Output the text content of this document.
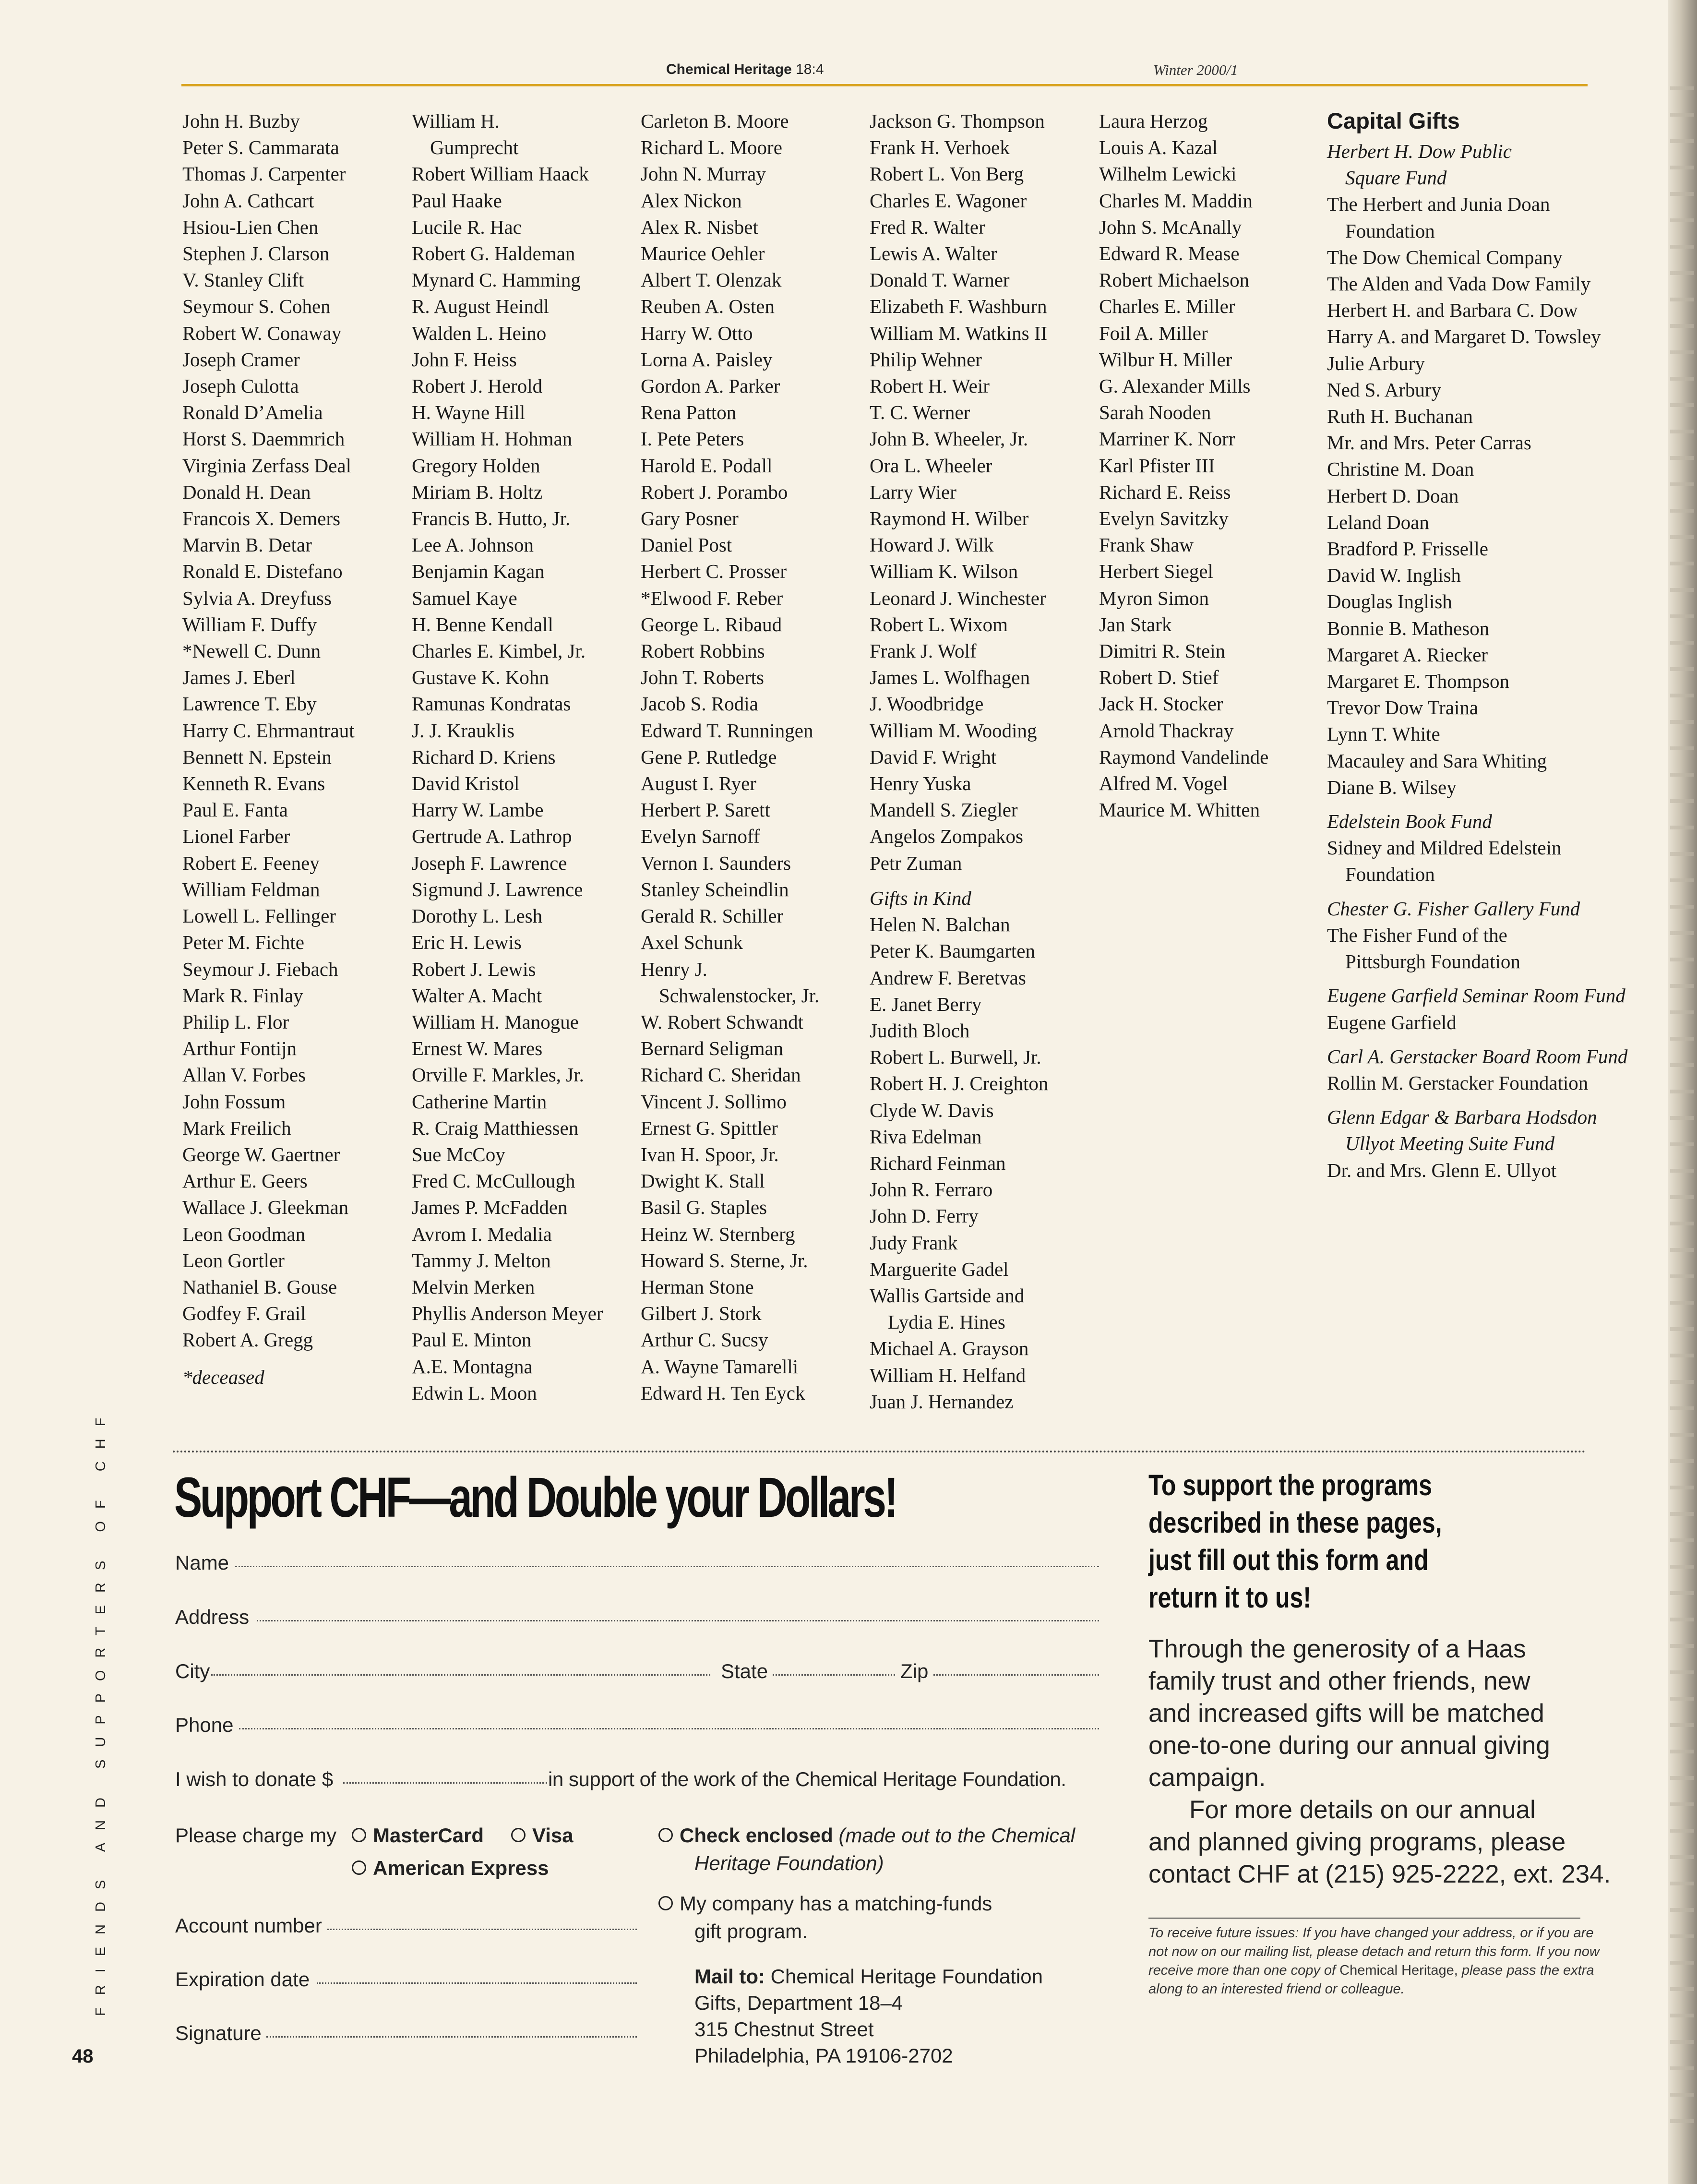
Chemical Heritage 18:4	Winter 2000/1
John H. Buzby
Peter S. Cammarata
Thomas J. Carpenter
John A. Cathcart
Hsiou-Lien Chen
Stephen J. Clarson
V. Stanley Clift
Seymour S. Cohen
Robert W. Conaway
Joseph Cramer
Joseph Culotta
Ronald D’Amelia
Horst S. Daemmrich
Virginia Zerfass Deal
Donald H. Dean
Francois X. Demers
Marvin B. Detar
Ronald E. Distefano
Sylvia A. Dreyfuss
William F. Duffy
*Newell C. Dunn
James J. Eberl
Lawrence T. Eby
Harry C. Ehrmantraut
Bennett N. Epstein
Kenneth R. Evans
Paul E. Fanta
Lionel Farber
Robert E. Feeney
William Feldman
Lowell L. Fellinger
Peter M. Fichte
Seymour J. Fiebach
Mark R. Finlay
Philip L. Flor
Arthur Fontijn
Allan V. Forbes
John Fossum
Mark Freilich
George W. Gaertner
Arthur E. Geers
Wallace J. Gleekman
Leon Goodman
Leon Gortler
Nathaniel B. Gouse
Godfey F. Grail
Robert A. Gregg
*deceased
William H.
Gumprecht
Robert William Haack
Paul Haake
Lucile R. Hac
Robert G. Haldeman
Mynard C. Hamming
R. August Heindl
Walden L. Heino
John F. Heiss
Robert J. Herold
H. Wayne Hill
William H. Hohman
Gregory Holden
Miriam B. Holtz
Francis B. Hutto, Jr.
Lee A. Johnson
Benjamin Kagan
Samuel Kaye
H. Benne Kendall
Charles E. Kimbel, Jr.
Gustave K. Kohn
Ramunas Kondratas
J. J. Krauklis
Richard D. Kriens
David Kristol
Harry W. Lambe
Gertrude A. Lathrop
Joseph F. Lawrence
Sigmund J. Lawrence
Dorothy L. Lesh
Eric H. Lewis
Robert J. Lewis
Walter A. Macht
William H. Manogue
Ernest W. Mares
Orville F. Markles, Jr.
Catherine Martin
R. Craig Matthiessen
Sue McCoy
Fred C. McCullough
James P. McFadden
Avrom I. Medalia
Tammy J. Melton
Melvin Merken
Phyllis Anderson Meyer
Paul E. Minton
A.E. Montagna
Edwin L. Moon
Carleton B. Moore
Richard L. Moore
John N. Murray
Alex Nickon
Alex R. Nisbet
Maurice Oehler
Albert T. Olenzak
Reuben A. Osten
Harry W. Otto
Lorna A. Paisley
Gordon A. Parker
Rena Patton
I. Pete Peters
Harold E. Podall
Robert J. Porambo
Gary Posner
Daniel Post
Herbert C. Prosser
*Elwood F. Reber
George L. Ribaud
Robert Robbins
John T. Roberts
Jacob S. Rodia
Edward T. Runningen
Gene P. Rutledge
August I. Ryer
Herbert P. Sarett
Evelyn Sarnoff
Vernon I. Saunders
Stanley Scheindlin
Gerald R. Schiller
Axel Schunk
Henry J.
Schwalenstocker, Jr.
W. Robert Schwandt
Bernard Seligman
Richard C. Sheridan
Vincent J. Sollimo
Ernest G. Spittler
Ivan H. Spoor, Jr.
Dwight K. Stall
Basil G. Staples
Heinz W. Sternberg
Howard S. Sterne, Jr.
Herman Stone
Gilbert J. Stork
Arthur C. Sucsy
A. Wayne Tamarelli
Edward H. Ten Eyck
Jackson G. Thompson
Frank H. Verhoek
Robert L. Von Berg
Charles E. Wagoner
Fred R. Walter
Lewis A. Walter
Donald T. Warner
Elizabeth F. Washburn
William M. Watkins II
Philip Wehner
Robert H. Weir
T. C. Werner
John B. Wheeler, Jr.
Ora L. Wheeler
Larry Wier
Raymond H. Wilber
Howard J. Wilk
William K. Wilson
Leonard J. Winchester
Robert L. Wixom
Frank J. Wolf
James L. Wolfhagen
J. Woodbridge
William M. Wooding
David F. Wright
Henry Yuska
Mandell S. Ziegler
Angelos Zompakos
Petr Zuman
Gifts in Kind
Helen N. Balchan
Peter K. Baumgarten
Andrew F. Beretvas
E. Janet Berry
Judith Bloch
Robert L. Burwell, Jr.
Robert H. J. Creighton
Clyde W. Davis
Riva Edelman
Richard Feinman
John R. Ferraro
John D. Ferry
Judy Frank
Marguerite Gadel
Wallis Gartside and
Lydia E. Hines
Michael A. Grayson
William H. Helfand
Juan J. Hernandez
Laura Herzog
Louis A. Kazal
Wilhelm Lewicki
Charles M. Maddin
John S. McAnally
Edward R. Mease
Robert Michaelson
Charles E. Miller
Foil A. Miller
Wilbur H. Miller
G. Alexander Mills
Sarah Nooden
Marriner K. Norr
Karl Pfister III
Richard E. Reiss
Evelyn Savitzky
Frank Shaw
Herbert Siegel
Myron Simon
Jan Stark
Dimitri R. Stein
Robert D. Stief
Jack H. Stocker
Arnold Thackray
Raymond Vandelinde
Alfred M. Vogel
Maurice M. Whitten
Capital Gifts
Herbert H. Dow Public
Square Fund
The Herbert and Junia Doan
Foundation
The Dow Chemical Company
The Alden and Vada Dow Family
Herbert H. and Barbara C. Dow
Harry A. and Margaret D. Towsley
Julie Arbury
Ned S. Arbury
Ruth H. Buchanan
Mr. and Mrs. Peter Carras
Christine M. Doan
Herbert D. Doan
Leland Doan
Bradford P. Frisselle
David W. Inglish
Douglas Inglish
Bonnie B. Matheson
Margaret A. Riecker
Margaret E. Thompson
Trevor Dow Traina
Lynn T. White
Macauley and Sara Whiting
Diane B. Wilsey
Edelstein Book Fund
Sidney and Mildred Edelstein
Foundation
Chester G. Fisher Gallery Fund
The Fisher Fund of the
Pittsburgh Foundation
Eugene Garfield Seminar Room Fund
Eugene Garfield
Carl A. Gerstacker Board Room Fund
Rollin M. Gerstacker Foundation
Glenn Edgar & Barbara Hodsdon
Ullyot Meeting Suite Fund
Dr. and Mrs. Glenn E. Ullyot
FRIENDS AND SUPPORTERS OF CHF
48
Support CHF—and Double your Dollars!
Name
Address
City	State	Zip
Phone
I wish to donate $	in support of the work of the Chemical Heritage Foundation.
Please charge my	MasterCard	Visa
American Express
Check enclosed (made out to the Chemical
Heritage Foundation)
My company has a matching-funds
gift program.
Account number
Expiration date
Signature
Mail to: Chemical Heritage Foundation
Gifts, Department 18–4
315 Chestnut Street
Philadelphia, PA 19106-2702
To support the programs
described in these pages,
just fill out this form and
return it to us!
Through the generosity of a Haas
family trust and other friends, new
and increased gifts will be matched
one-to-one during our annual giving
campaign.
For more details on our annual
and planned giving programs, please
contact CHF at (215) 925-2222, ext. 234.
To receive future issues: If you have changed your address, or if you are not now on our mailing list, please detach and return this form. If you now receive more than one copy of Chemical Heritage, please pass the extra along to an interested friend or colleague.
